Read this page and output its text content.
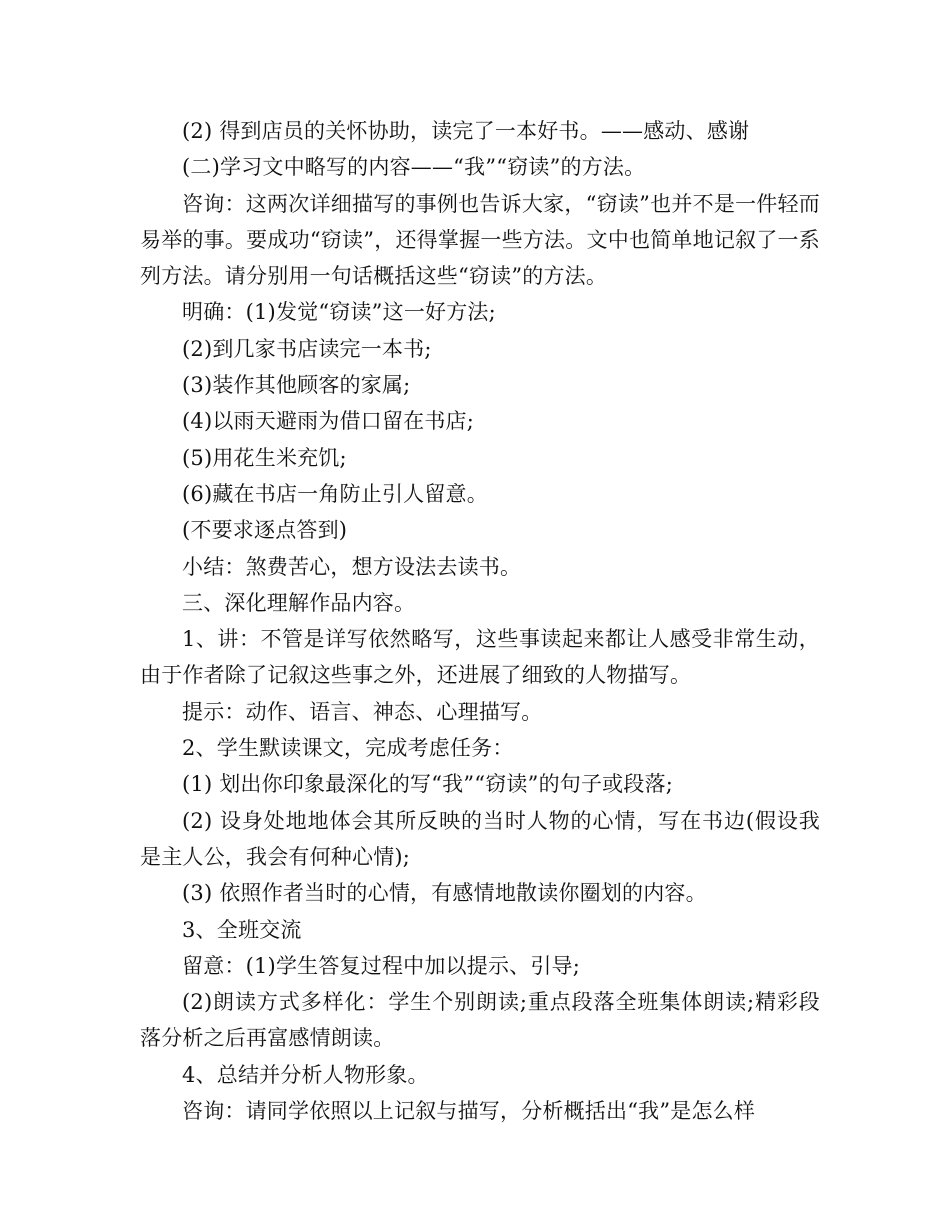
(2) 得到店员的关怀协助，读完了一本好书。——感动、感谢

(二)学习文中略写的内容——“我”“窃读”的方法。

咨询：这两次详细描写的事例也告诉大家，“窃读”也并不是一件轻而易举的事。要成功“窃读”，还得掌握一些方法。文中也简单地记叙了一系列方法。请分别用一句话概括这些“窃读”的方法。

明确：(1)发觉“窃读”这一好方法;

(2)到几家书店读完一本书;

(3)装作其他顾客的家属;

(4)以雨天避雨为借口留在书店;

(5)用花生米充饥;

(6)藏在书店一角防止引人留意。

(不要求逐点答到)

小结：煞费苦心，想方设法去读书。

三、深化理解作品内容。

1、讲：不管是详写依然略写，这些事读起来都让人感受非常生动，由于作者除了记叙这些事之外，还进展了细致的人物描写。

提示：动作、语言、神态、心理描写。

2、学生默读课文，完成考虑任务：

(1) 划出你印象最深化的写“我”“窃读”的句子或段落;

(2) 设身处地地体会其所反映的当时人物的心情，写在书边(假设我是主人公，我会有何种心情);

(3) 依照作者当时的心情，有感情地散读你圈划的内容。

3、全班交流

留意：(1)学生答复过程中加以提示、引导;

(2)朗读方式多样化：学生个别朗读;重点段落全班集体朗读;精彩段落分析之后再富感情朗读。

4、总结并分析人物形象。

咨询：请同学依照以上记叙与描写，分析概括出“我”是怎么样
